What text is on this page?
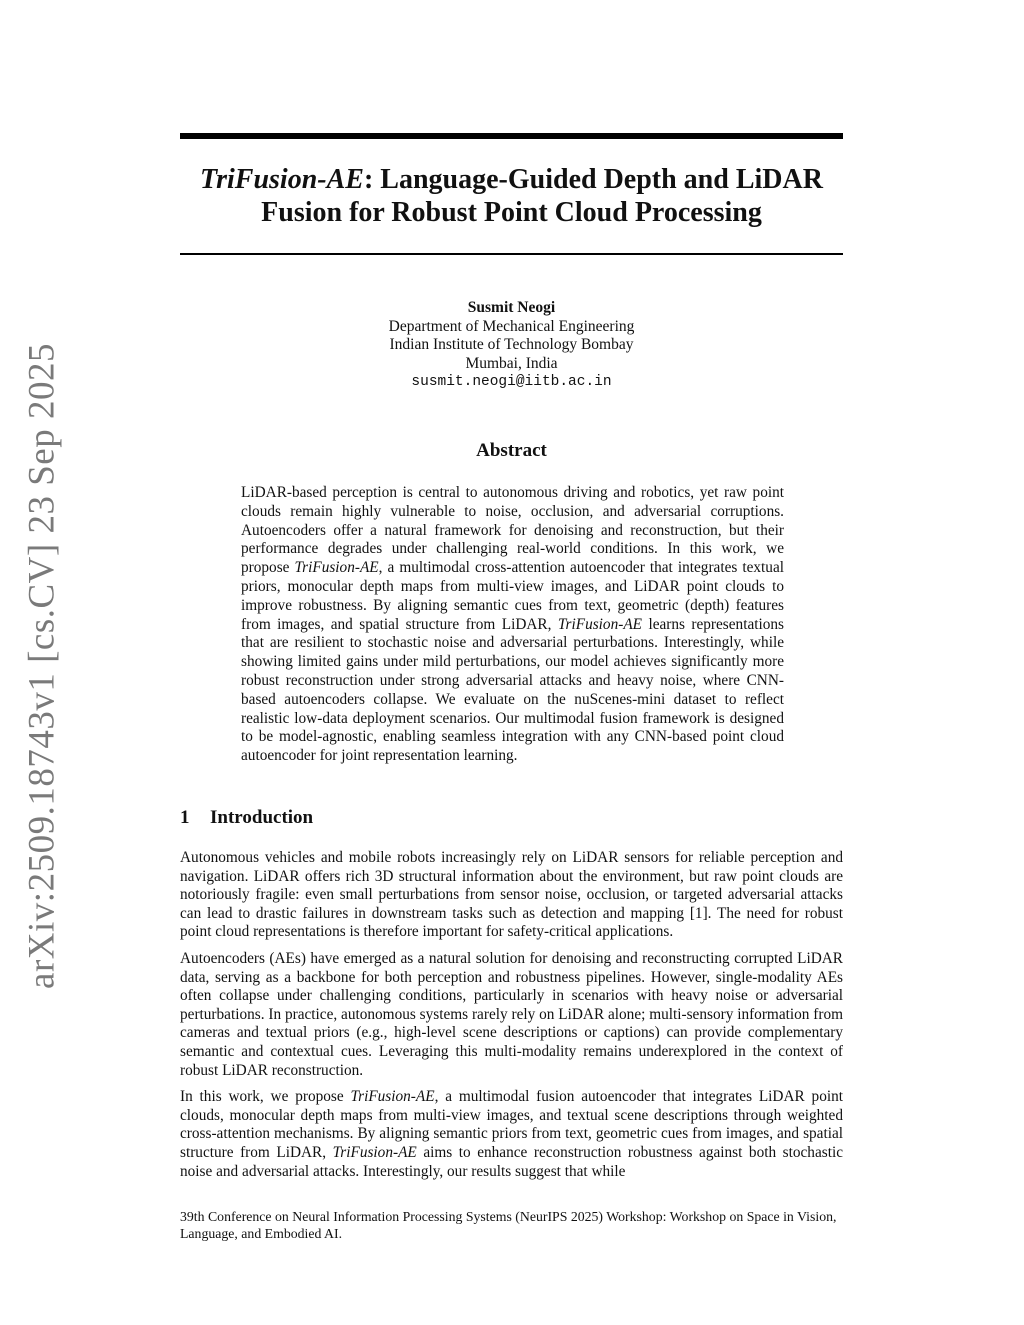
arXiv:2509.18743v1 [cs.CV] 23 Sep 2025
TriFusion-AE: Language-Guided Depth and LiDAR
Fusion for Robust Point Cloud Processing
Susmit Neogi
Department of Mechanical Engineering
Indian Institute of Technology Bombay
Mumbai, India
susmit.neogi@iitb.ac.in
Abstract
LiDAR-based perception is central to autonomous driving and robotics, yet raw point clouds remain highly vulnerable to noise, occlusion, and adversarial corruptions. Autoencoders offer a natural framework for denoising and reconstruction, but their performance degrades under challenging real-world conditions. In this work, we propose TriFusion-AE, a multimodal cross-attention autoencoder that integrates textual priors, monocular depth maps from multi-view images, and LiDAR point clouds to improve robustness. By aligning semantic cues from text, geometric (depth) features from images, and spatial structure from LiDAR, TriFusion-AE learns representations that are resilient to stochastic noise and adversarial perturbations. Interestingly, while showing limited gains under mild perturbations, our model achieves significantly more robust reconstruction under strong adversarial attacks and heavy noise, where CNN-based autoencoders collapse. We evaluate on the nuScenes-mini dataset to reflect realistic low-data deployment scenarios. Our multimodal fusion framework is designed to be model-agnostic, enabling seamless integration with any CNN-based point cloud autoencoder for joint representation learning.
1 Introduction

Autonomous vehicles and mobile robots increasingly rely on LiDAR sensors for reliable perception and navigation. LiDAR offers rich 3D structural information about the environment, but raw point clouds are notoriously fragile: even small perturbations from sensor noise, occlusion, or targeted adversarial attacks can lead to drastic failures in downstream tasks such as detection and mapping [1]. The need for robust point cloud representations is therefore important for safety-critical applications.

Autoencoders (AEs) have emerged as a natural solution for denoising and reconstructing corrupted LiDAR data, serving as a backbone for both perception and robustness pipelines. However, single-modality AEs often collapse under challenging conditions, particularly in scenarios with heavy noise or adversarial perturbations. In practice, autonomous systems rarely rely on LiDAR alone; multi-sensory information from cameras and textual priors (e.g., high-level scene descriptions or captions) can provide complementary semantic and contextual cues. Leveraging this multi-modality remains underexplored in the context of robust LiDAR reconstruction.

In this work, we propose TriFusion-AE, a multimodal fusion autoencoder that integrates LiDAR point clouds, monocular depth maps from multi-view images, and textual scene descriptions through weighted cross-attention mechanisms. By aligning semantic priors from text, geometric cues from images, and spatial structure from LiDAR, TriFusion-AE aims to enhance reconstruction robustness against both stochastic noise and adversarial attacks. Interestingly, our results suggest that while

39th Conference on Neural Information Processing Systems (NeurIPS 2025) Workshop: Workshop on Space in Vision, Language, and Embodied AI.
